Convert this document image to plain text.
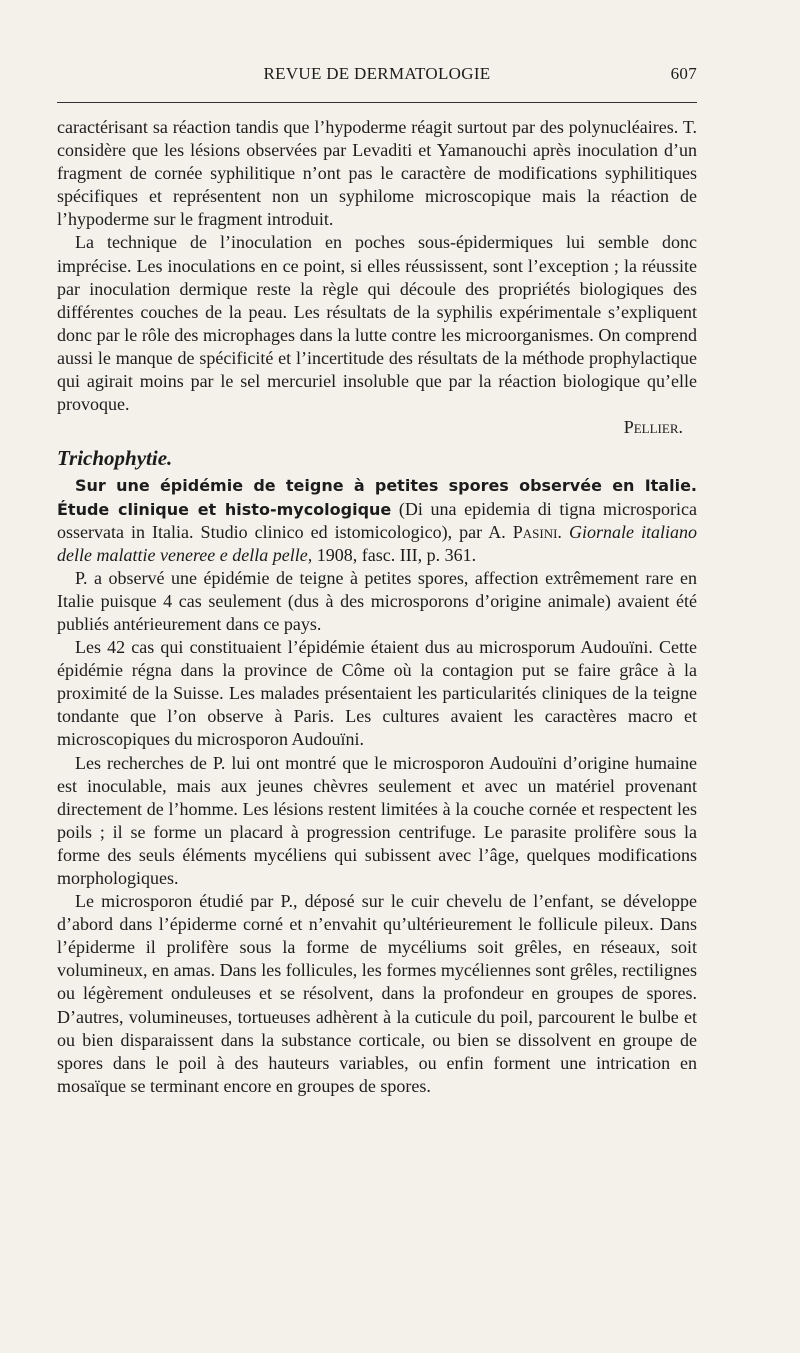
REVUE DE DERMATOLOGIE	607

caractérisant sa réaction tandis que l’hypoderme réagit surtout par des polynucléaires. T. considère que les lésions observées par Levaditi et Yamanouchi après inoculation d’un fragment de cornée syphilitique n’ont pas le caractère de modifications syphilitiques spécifiques et représentent non un syphilome microscopique mais la réaction de l’hypoderme sur le fragment introduit.

La technique de l’inoculation en poches sous-épidermiques lui semble donc imprécise. Les inoculations en ce point, si elles réussissent, sont l’exception ; la réussite par inoculation dermique reste la règle qui découle des propriétés biologiques des différentes couches de la peau. Les résultats de la syphilis expérimentale s’expliquent donc par le rôle des microphages dans la lutte contre les microorganismes. On comprend aussi le manque de spécificité et l’incertitude des résultats de la méthode prophylactique qui agirait moins par le sel mercuriel insoluble que par la réaction biologique qu’elle provoque.

Pellier.
Trichophytie.

Sur une épidémie de teigne à petites spores observée en Italie. Étude clinique et histo-mycologique (Di una epidemia di tigna microsporica osservata in Italia. Studio clinico ed istomicologico), par A. Pasini. Giornale italiano delle malattie veneree e della pelle, 1908, fasc. III, p. 361.

P. a observé une épidémie de teigne à petites spores, affection extrêmement rare en Italie puisque 4 cas seulement (dus à des microsporons d’origine animale) avaient été publiés antérieurement dans ce pays.

Les 42 cas qui constituaient l’épidémie étaient dus au microsporum Audouïni. Cette épidémie régna dans la province de Côme où la contagion put se faire grâce à la proximité de la Suisse. Les malades présentaient les particularités cliniques de la teigne tondante que l’on observe à Paris. Les cultures avaient les caractères macro et microscopiques du microsporon Audouïni.

Les recherches de P. lui ont montré que le microsporon Audouïni d’origine humaine est inoculable, mais aux jeunes chèvres seulement et avec un matériel provenant directement de l’homme. Les lésions restent limitées à la couche cornée et respectent les poils ; il se forme un placard à progression centrifuge. Le parasite prolifère sous la forme des seuls éléments mycéliens qui subissent avec l’âge, quelques modifications morphologiques.

Le microsporon étudié par P., déposé sur le cuir chevelu de l’enfant, se développe d’abord dans l’épiderme corné et n’envahit qu’ultérieurement le follicule pileux. Dans l’épiderme il prolifère sous la forme de mycéliums soit grêles, en réseaux, soit volumineux, en amas. Dans les follicules, les formes mycéliennes sont grêles, rectilignes ou légèrement onduleuses et se résolvent, dans la profondeur en groupes de spores. D’autres, volumineuses, tortueuses adhèrent à la cuticule du poil, parcourent le bulbe et ou bien disparaissent dans la substance corticale, ou bien se dissolvent en groupe de spores dans le poil à des hauteurs variables, ou enfin forment une intrication en mosaïque se terminant encore en groupes de spores.
